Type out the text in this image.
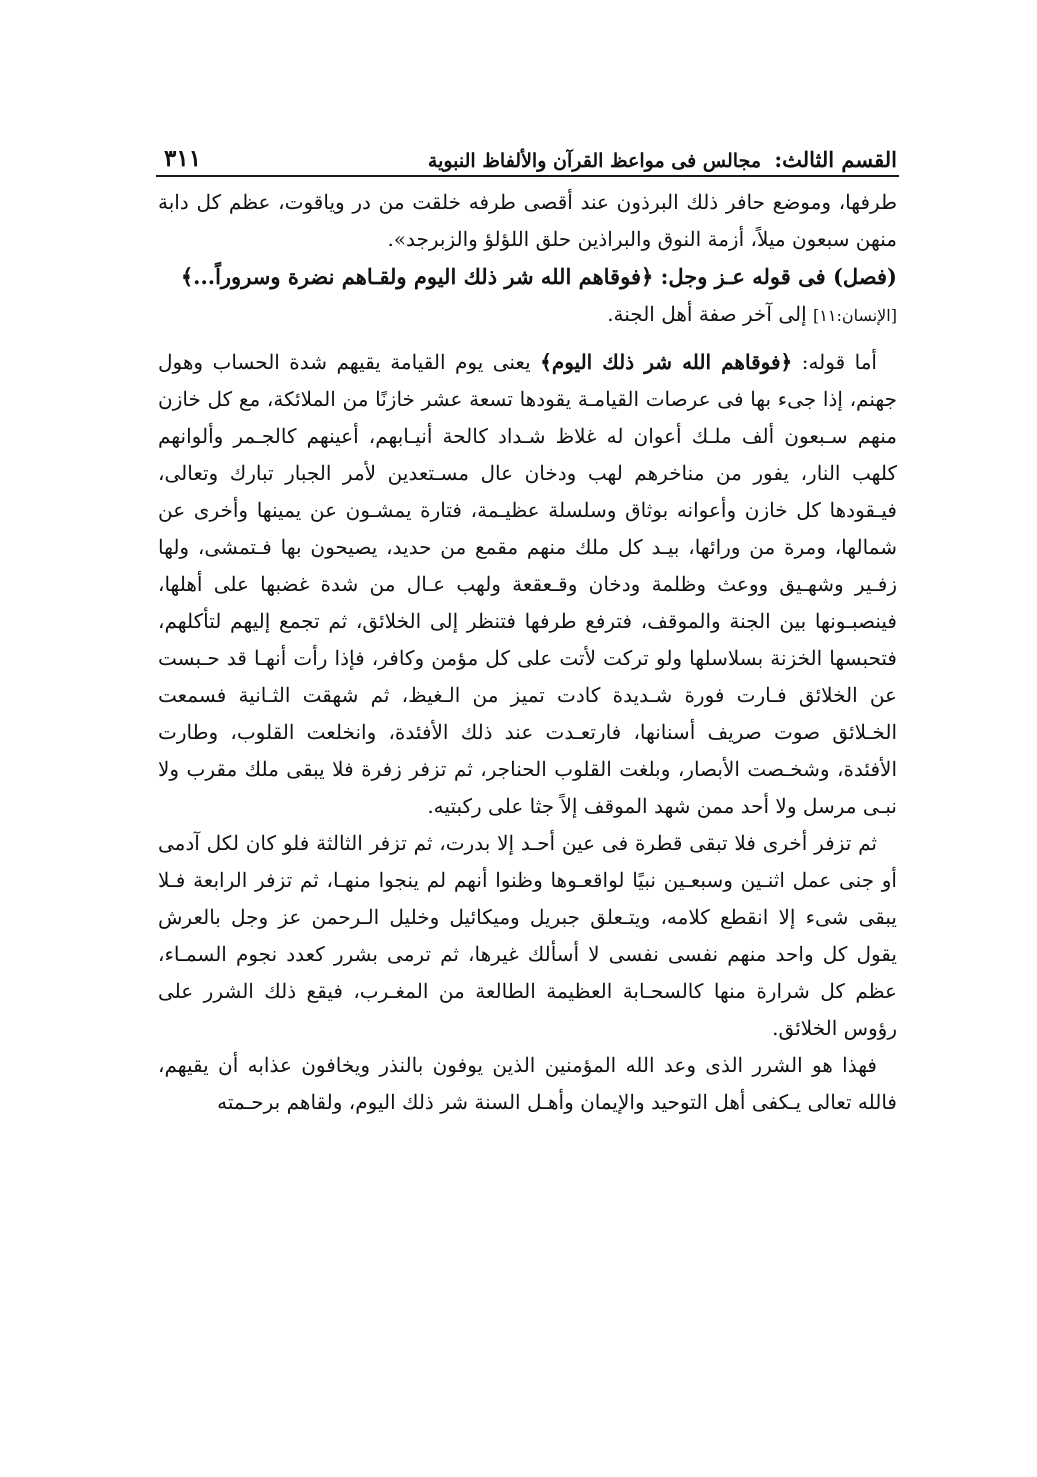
القسم الثالث: مجالس فى مواعظ القرآن والألفاظ النبوية
٣١١

طرفها، وموضع حافر ذلك البرذون عند أقصى طرفه خلقت من در وياقوت، عظم كل دابة منهن سبعون ميلاً، أزمة النوق والبراذين حلق اللؤلؤ والزبرجد».

(فصل) فى قوله عـز وجل: ﴿فوقاهم الله شر ذلك اليوم ولقـاهم نضرة وسروراً...﴾

[الإنسان:١١] إلى آخر صفة أهل الجنة.

أما قوله: ﴿فوقاهم الله شر ذلك اليوم﴾ يعنى يوم القيامة يقيهم شدة الحساب وهول جهنم، إذا جىء بها فى عرصات القيامـة يقودها تسعة عشر خازنًا من الملائكة، مع كل خازن منهم سـبعون ألف ملـك أعوان له غلاظ شـداد كالحة أنيـابهم، أعينهم كالجـمر وألوانهم كلهب النار، يفور من مناخرهم لهب ودخان عال مسـتعدين لأمر الجبار تبارك وتعالى، فيـقودها كل خازن وأعوانه بوثاق وسلسلة عظيـمة، فتارة يمشـون عن يمينها وأخرى عن شمالها، ومرة من ورائها، بيـد كل ملك منهم مقمع من حديد، يصيحون بها فـتمشى، ولها زفـير وشهـيق ووعث وظلمة ودخان وقـعقعة ولهب عـال من شدة غضبها على أهلها، فينصبـونها بين الجنة والموقف، فترفع طرفها فتنظر إلى الخلائق، ثم تجمع إليهم لتأكلهم، فتحبسها الخزنة بسلاسلها ولو تركت لأتت على كل مؤمن وكافر، فإذا رأت أنهـا قد حـبست عن الخلائق فـارت فورة شـديدة كادت تميز من الـغيظ، ثم شهقت الثـانية فسمعت الخـلائق صوت صريف أسنانها، فارتعـدت عند ذلك الأفئدة، وانخلعت القلوب، وطارت الأفئدة، وشخـصت الأبصار، وبلغت القلوب الحناجر، ثم تزفر زفرة فلا يبقى ملك مقرب ولا نبـى مرسل ولا أحد ممن شهد الموقف إلاً جثا على ركبتيه.

ثم تزفر أخرى فلا تبقى قطرة فى عين أحـد إلا بدرت، ثم تزفر الثالثة فلو كان لكل آدمى أو جنى عمل اثنـين وسبعـين نبيًا لواقعـوها وظنوا أنهم لم ينجوا منهـا، ثم تزفر الرابعة فـلا يبقى شىء إلا انقطع كلامه، ويتـعلق جبريل وميكائيل وخليل الـرحمن عز وجل بالعرش يقول كل واحد منهم نفسى نفسى لا أسألك غيرها، ثم ترمى بشرر كعدد نجوم السمـاء، عظم كل شرارة منها كالسحـابة العظيمة الطالعة من المغـرب، فيقع ذلك الشرر على رؤوس الخلائق.

فهذا هو الشرر الذى وعد الله المؤمنين الذين يوفون بالنذر ويخافون عذابه أن يقيهم، فالله تعالى يـكفى أهل التوحيد والإيمان وأهـل السنة شر ذلك اليوم، ولقاهم برحـمته
